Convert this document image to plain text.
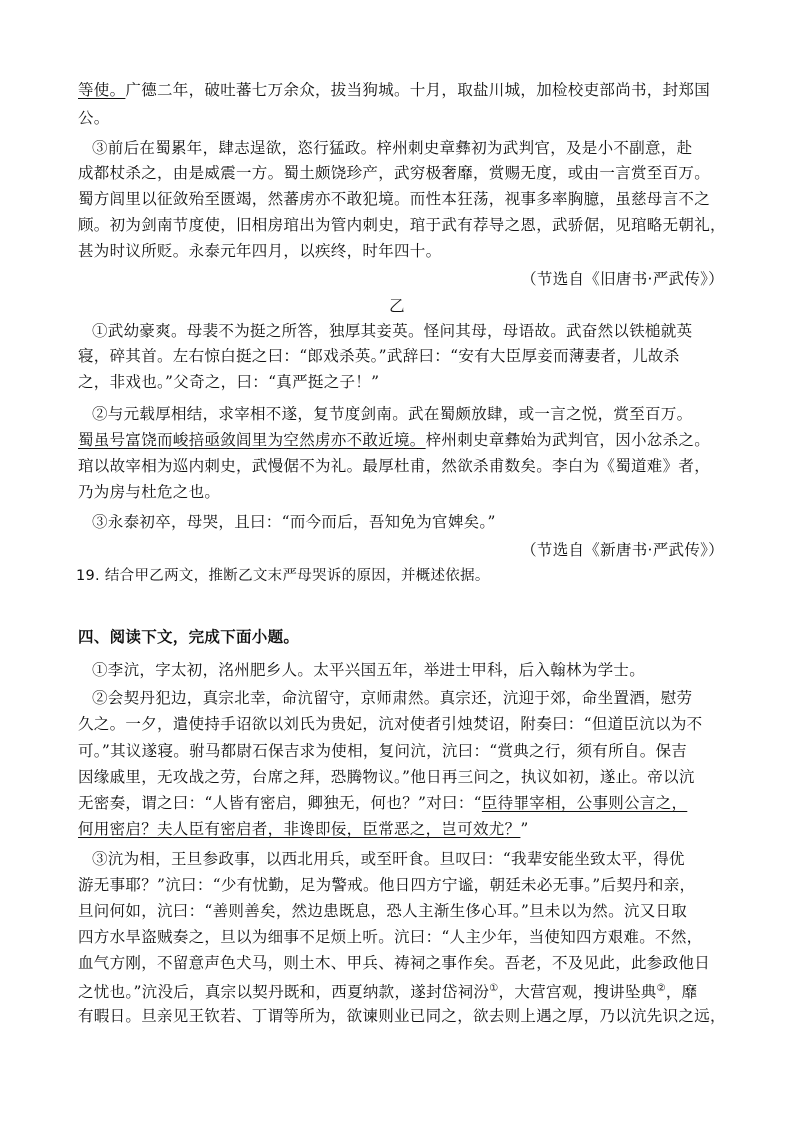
等使。广德二年，破吐蕃七万余众，拔当狗城。十月，取盐川城，加检校吏部尚书，封郑国
公。
③前后在蜀累年，肆志逞欲，恣行猛政。梓州刺史章彝初为武判官，及是小不副意，赴
成都杖杀之，由是威震一方。蜀土颇饶珍产，武穷极奢靡，赏赐无度，或由一言赏至百万。
蜀方闾里以征敛殆至匮竭，然蕃虏亦不敢犯境。而性本狂荡，视事多率胸臆，虽慈母言不之
顾。初为剑南节度使，旧相房琯出为管内刺史，琯于武有荐导之恩，武骄倨，见琯略无朝礼，
甚为时议所贬。永泰元年四月，以疾终，时年四十。
（节选自《旧唐书·严武传》）
乙
①武幼豪爽。母裴不为挺之所答，独厚其妾英。怪问其母，母语故。武奋然以铁槌就英
寝，碎其首。左右惊白挺之曰：“郎戏杀英。”武辞曰：“安有大臣厚妾而薄妻者，儿故杀
之，非戏也。”父奇之，曰：“真严挺之子！”
②与元载厚相结，求宰相不遂，复节度剑南。武在蜀颇放肆，或一言之悦，赏至百万。
蜀虽号富饶而峻掊亟敛闾里为空然虏亦不敢近境。梓州刺史章彝始为武判官，因小忿杀之。
琯以故宰相为巡内刺史，武慢倨不为礼。最厚杜甫，然欲杀甫数矣。李白为《蜀道难》者，
乃为房与杜危之也。
③永泰初卒，母哭，且曰：“而今而后，吾知免为官婢矣。”
（节选自《新唐书·严武传》）
19. 结合甲乙两文，推断乙文末严母哭诉的原因，并概述依据。
四、阅读下文，完成下面小题。
①李沆，字太初，洺州肥乡人。太平兴国五年，举进士甲科，后入翰林为学士。
②会契丹犯边，真宗北幸，命沆留守，京师肃然。真宗还，沆迎于郊，命坐置酒，慰劳
久之。一夕，遣使持手诏欲以刘氏为贵妃，沆对使者引烛焚诏，附奏曰：“但道臣沆以为不
可。”其议遂寝。驸马都尉石保吉求为使相，复问沆，沆曰：“赏典之行，须有所自。保吉
因缘戚里，无攻战之劳，台席之拜，恐腾物议。”他日再三问之，执议如初，遂止。帝以沆
无密奏，谓之曰：“人皆有密启，卿独无，何也？”对曰：“臣待罪宰相，公事则公言之，
何用密启？夫人臣有密启者，非谗即佞，臣常恶之，岂可效尤？”
③沆为相，王旦参政事，以西北用兵，或至旰食。旦叹曰：“我辈安能坐致太平，得优
游无事耶？”沆曰：“少有忧勤，足为警戒。他日四方宁谧，朝廷未必无事。”后契丹和亲，
旦问何如，沆曰：“善则善矣，然边患既息，恐人主渐生侈心耳。”旦未以为然。沆又日取
四方水旱盗贼奏之，旦以为细事不足烦上听。沆曰：“人主少年，当使知四方艰难。不然，
血气方刚，不留意声色犬马，则土木、甲兵、祷祠之事作矣。吾老，不及见此，此参政他日
之忧也。”沆没后，真宗以契丹既和，西夏纳款，遂封岱祠汾①，大营宫观，搜讲坠典②，靡
有暇日。旦亲见王钦若、丁谓等所为，欲谏则业已同之，欲去则上遇之厚，乃以沆先识之远，
